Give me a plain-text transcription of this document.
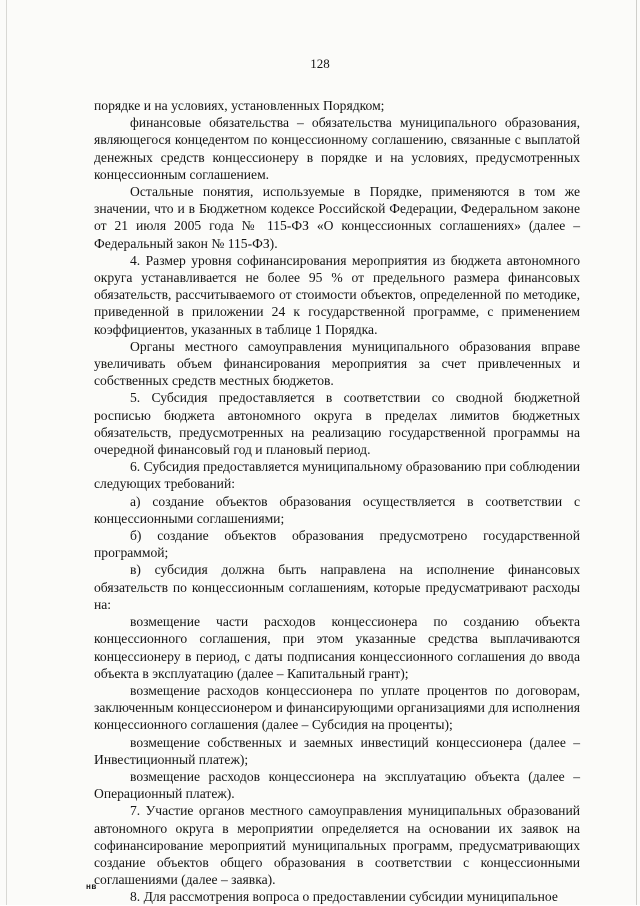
128

порядке и на условиях, установленных Порядком;

финансовые обязательства – обязательства муниципального образования, являющегося концедентом по концессионному соглашению, связанные с выплатой денежных средств концессионеру в порядке и на условиях, предусмотренных концессионным соглашением.

Остальные понятия, используемые в Порядке, применяются в том же значении, что и в Бюджетном кодексе Российской Федерации, Федеральном законе от 21 июля 2005 года № 115-ФЗ «О концессионных соглашениях» (далее – Федеральный закон № 115-ФЗ).

4. Размер уровня софинансирования мероприятия из бюджета автономного округа устанавливается не более 95 % от предельного размера финансовых обязательств, рассчитываемого от стоимости объектов, определенной по методике, приведенной в приложении 24 к государственной программе, с применением коэффициентов, указанных в таблице 1 Порядка.

Органы местного самоуправления муниципального образования вправе увеличивать объем финансирования мероприятия за счет привлеченных и собственных средств местных бюджетов.

5. Субсидия предоставляется в соответствии со сводной бюджетной росписью бюджета автономного округа в пределах лимитов бюджетных обязательств, предусмотренных на реализацию государственной программы на очередной финансовый год и плановый период.

6. Субсидия предоставляется муниципальному образованию при соблюдении следующих требований:

а) создание объектов образования осуществляется в соответствии с концессионными соглашениями;

б) создание объектов образования предусмотрено государственной программой;

в) субсидия должна быть направлена на исполнение финансовых обязательств по концессионным соглашениям, которые предусматривают расходы на:

возмещение части расходов концессионера по созданию объекта концессионного соглашения, при этом указанные средства выплачиваются концессионеру в период, с даты подписания концессионного соглашения до ввода объекта в эксплуатацию (далее – Капитальный грант);

возмещение расходов концессионера по уплате процентов по договорам, заключенным концессионером и финансирующими организациями для исполнения концессионного соглашения (далее – Субсидия на проценты);

возмещение собственных и заемных инвестиций концессионера (далее – Инвестиционный платеж);

возмещение расходов концессионера на эксплуатацию объекта (далее – Операционный платеж).

7. Участие органов местного самоуправления муниципальных образований автономного округа в мероприятии определяется на основании их заявок на софинансирование мероприятий муниципальных программ, предусматривающих создание объектов общего образования в соответствии с концессионными соглашениями (далее – заявка).

8. Для рассмотрения вопроса о предоставлении субсидии муниципальное

нв
